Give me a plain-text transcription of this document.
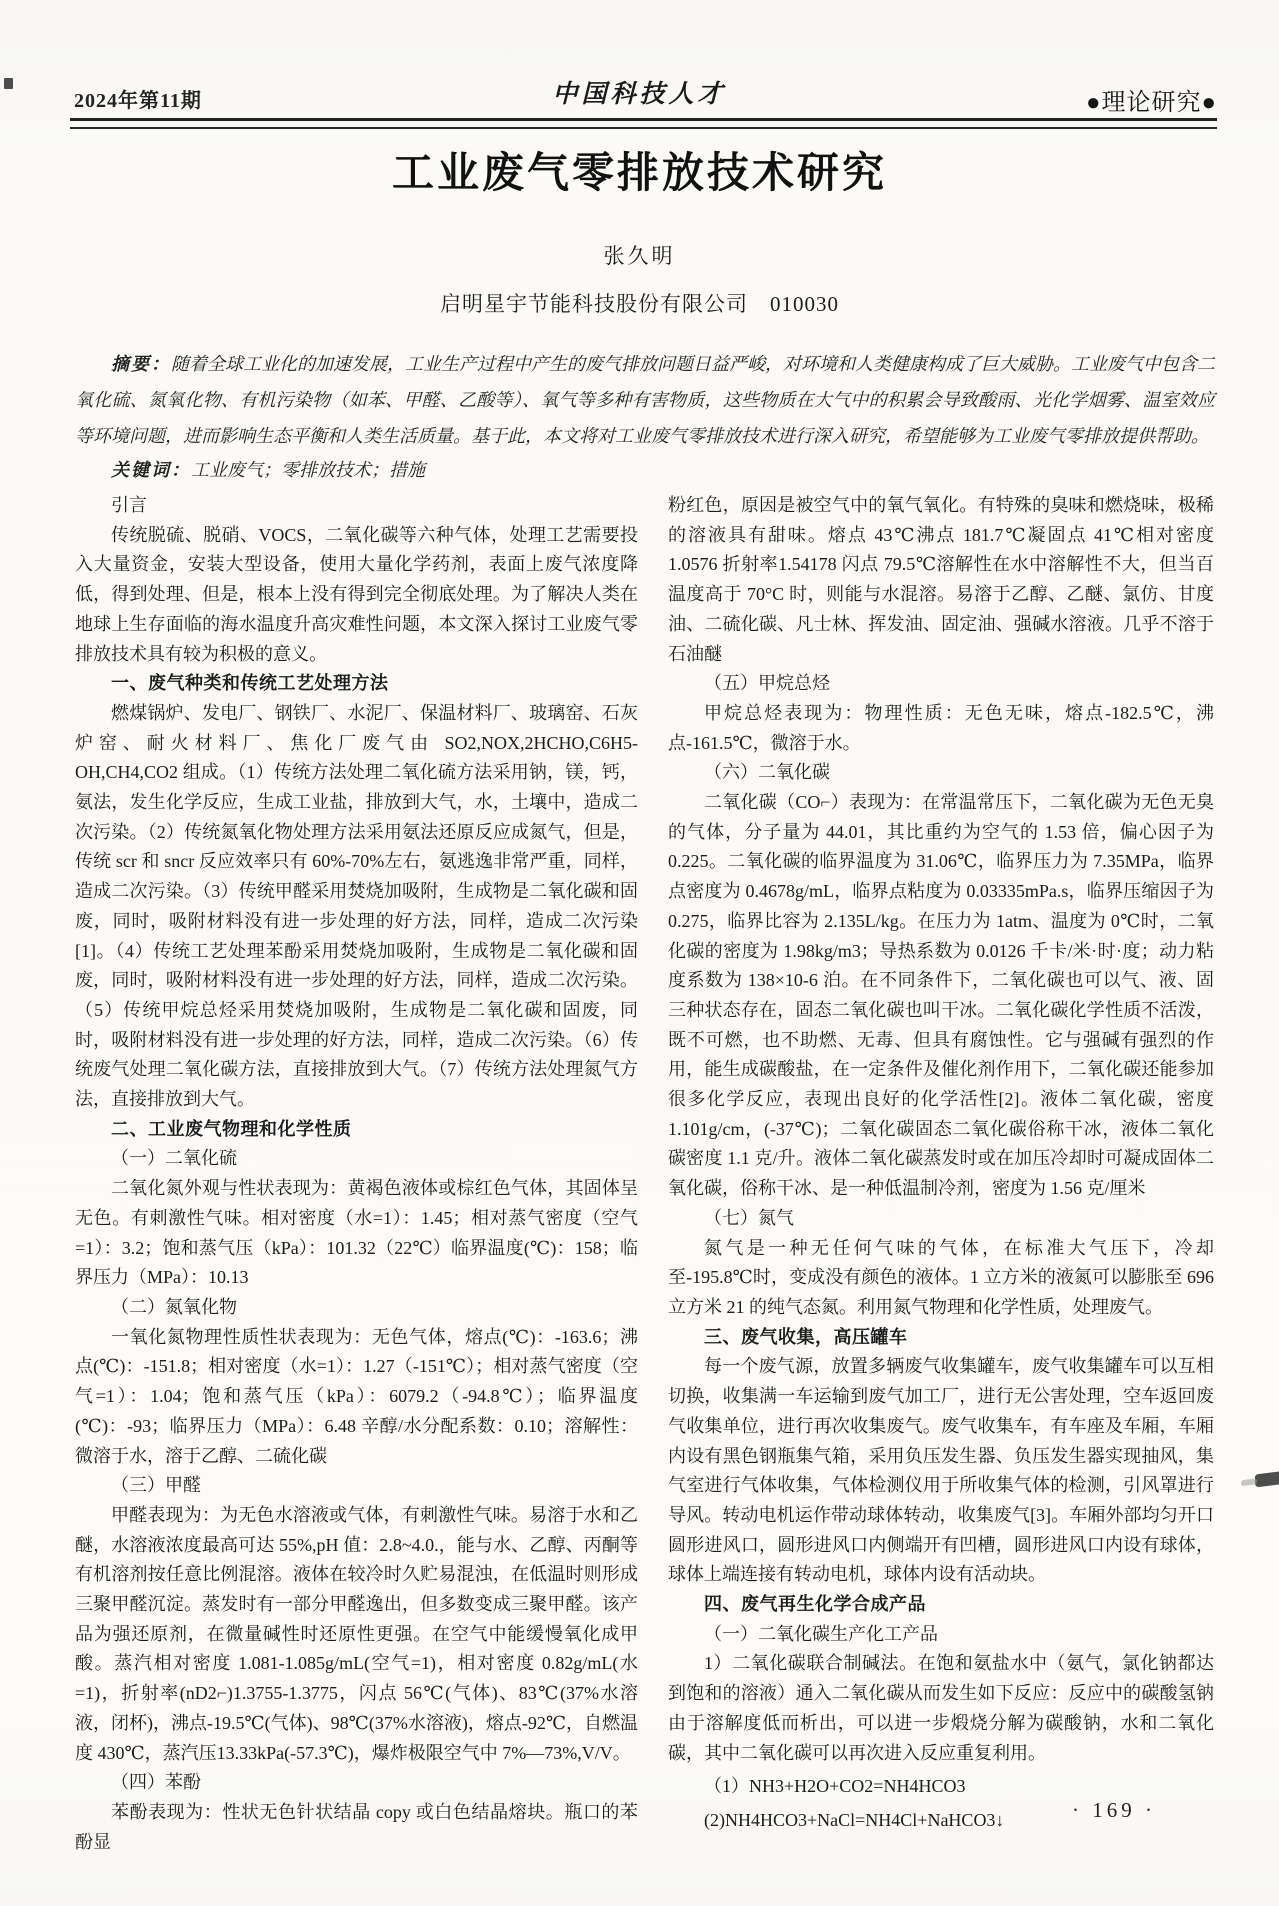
2024年第11期	中国科技人才	●理论研究●
工业废气零排放技术研究
张久明
启明星宇节能科技股份有限公司　010030

摘要：随着全球工业化的加速发展，工业生产过程中产生的废气排放问题日益严峻，对环境和人类健康构成了巨大威胁。工业废气中包含二氧化硫、氮氧化物、有机污染物（如苯、甲醛、乙酸等）、氧气等多种有害物质，这些物质在大气中的积累会导致酸雨、光化学烟雾、温室效应等环境问题，进而影响生态平衡和人类生活质量。基于此，本文将对工业废气零排放技术进行深入研究，希望能够为工业废气零排放提供帮助。

关键词：工业废气；零排放技术；措施

引言
传统脱硫、脱硝、VOCS，二氧化碳等六种气体，处理工艺需要投入大量资金，安装大型设备，使用大量化学药剂，表面上废气浓度降低，得到处理、但是，根本上没有得到完全彻底处理。为了解决人类在地球上生存面临的海水温度升高灾难性问题，本文深入探讨工业废气零排放技术具有较为积极的意义。
一、废气种类和传统工艺处理方法
燃煤锅炉、发电厂、钢铁厂、水泥厂、保温材料厂、玻璃窑、石灰炉窑、耐火材料厂、焦化厂废气由 SO2,NOX,2HCHO,C6H5-OH,CH4,CO2 组成。（1）传统方法处理二氧化硫方法采用钠，镁，钙，氨法，发生化学反应，生成工业盐，排放到大气，水，土壤中，造成二次污染。（2）传统氮氧化物处理方法采用氨法还原反应成氮气，但是，传统 scr 和 sncr 反应效率只有 60%-70%左右，氨逃逸非常严重，同样，造成二次污染。（3）传统甲醛采用焚烧加吸附，生成物是二氧化碳和固废，同时，吸附材料没有进一步处理的好方法，同样，造成二次污染[1]。（4）传统工艺处理苯酚采用焚烧加吸附，生成物是二氧化碳和固废，同时，吸附材料没有进一步处理的好方法，同样，造成二次污染。（5）传统甲烷总烃采用焚烧加吸附，生成物是二氧化碳和固废，同时，吸附材料没有进一步处理的好方法，同样，造成二次污染。（6）传统废气处理二氧化碳方法，直接排放到大气。（7）传统方法处理氮气方法，直接排放到大气。
二、工业废气物理和化学性质
（一）二氧化硫
二氧化氮外观与性状表现为：黄褐色液体或棕红色气体，其固体呈无色。有刺激性气味。相对密度（水=1）：1.45；相对蒸气密度（空气=1）：3.2；饱和蒸气压（kPa）：101.32（22℃）临界温度(℃)：158；临界压力（MPa）：10.13
（二）氮氧化物
一氧化氮物理性质性状表现为：无色气体，熔点(℃)：-163.6；沸点(℃)：-151.8；相对密度（水=1）：1.27（-151℃）；相对蒸气密度（空气=1）：1.04；饱和蒸气压（kPa）：6079.2（-94.8℃）；临界温度(℃)：-93；临界压力（MPa）：6.48 辛醇/水分配系数：0.10；溶解性：微溶于水，溶于乙醇、二硫化碳
（三）甲醛
甲醛表现为：为无色水溶液或气体，有刺激性气味。易溶于水和乙醚，水溶液浓度最高可达 55%,pH 值：2.8~4.0.，能与水、乙醇、丙酮等有机溶剂按任意比例混溶。液体在较冷时久贮易混浊，在低温时则形成三聚甲醛沉淀。蒸发时有一部分甲醛逸出，但多数变成三聚甲醛。该产品为强还原剂，在微量碱性时还原性更强。在空气中能缓慢氧化成甲酸。蒸汽相对密度 1.081-1.085g/mL(空气=1)，相对密度 0.82g/mL(水=1)，折射率(nD2⌐)1.3755-1.3775，闪点 56℃(气体)、83℃(37%水溶液，闭杯)，沸点-19.5℃(气体)、98℃(37%水溶液)，熔点-92℃，自燃温度 430℃，蒸汽压13.33kPa(-57.3℃)，爆炸极限空气中 7%—73%,V/V。
（四）苯酚
苯酚表现为：性状无色针状结晶 copy 或白色结晶熔块。瓶口的苯酚显
粉红色，原因是被空气中的氧气氧化。有特殊的臭味和燃烧味，极稀的溶液具有甜味。熔点 43℃沸点 181.7℃凝固点 41℃相对密度 1.0576 折射率1.54178 闪点 79.5℃溶解性在水中溶解性不大，但当百温度高于 70°C 时，则能与水混溶。易溶于乙醇、乙醚、氯仿、甘度油、二硫化碳、凡士林、挥发油、固定油、强碱水溶液。几乎不溶于石油醚
（五）甲烷总烃
甲烷总烃表现为：物理性质：无色无味，熔点-182.5℃，沸点-161.5℃，微溶于水。
（六）二氧化碳
二氧化碳（CO⌐）表现为：在常温常压下，二氧化碳为无色无臭的气体，分子量为 44.01，其比重约为空气的 1.53 倍，偏心因子为 0.225。二氧化碳的临界温度为 31.06℃，临界压力为 7.35MPa，临界点密度为 0.4678g/mL，临界点粘度为 0.03335mPa.s，临界压缩因子为 0.275，临界比容为 2.135L/kg。在压力为 1atm、温度为 0℃时，二氧化碳的密度为 1.98kg/m3；导热系数为 0.0126 千卡/米·时·度；动力粘度系数为 138×10-6 泊。在不同条件下，二氧化碳也可以气、液、固三种状态存在，固态二氧化碳也叫干冰。二氧化碳化学性质不活泼，既不可燃，也不助燃、无毒、但具有腐蚀性。它与强碱有强烈的作用，能生成碳酸盐，在一定条件及催化剂作用下，二氧化碳还能参加很多化学反应，表现出良好的化学活性[2]。液体二氧化碳，密度 1.101g/cm，(-37℃)；二氧化碳固态二氧化碳俗称干冰，液体二氧化碳密度 1.1 克/升。液体二氧化碳蒸发时或在加压冷却时可凝成固体二氧化碳，俗称干冰、是一种低温制冷剂，密度为 1.56 克/厘米
（七）氮气
氮气是一种无任何气味的气体，在标准大气压下，冷却至-195.8℃时，变成没有颜色的液体。1 立方米的液氮可以膨胀至 696 立方米 21 的纯气态氮。利用氮气物理和化学性质，处理废气。
三、废气收集，高压罐车
每一个废气源，放置多辆废气收集罐车，废气收集罐车可以互相切换，收集满一车运输到废气加工厂，进行无公害处理，空车返回废气收集单位，进行再次收集废气。废气收集车，有车座及车厢，车厢内设有黑色钢瓶集气箱，采用负压发生器、负压发生器实现抽风，集气室进行气体收集，气体检测仪用于所收集气体的检测，引风罩进行导风。转动电机运作带动球体转动，收集废气[3]。车厢外部均匀开口圆形进风口，圆形进风口内侧端开有凹槽，圆形进风口内设有球体，球体上端连接有转动电机，球体内设有活动块。
四、废气再生化学合成产品
（一）二氧化碳生产化工产品
1）二氧化碳联合制碱法。在饱和氨盐水中（氨气，氯化钠都达到饱和的溶液）通入二氧化碳从而发生如下反应：反应中的碳酸氢钠由于溶解度低而析出，可以进一步煅烧分解为碳酸钠，水和二氧化碳，其中二氧化碳可以再次进入反应重复利用。
（1）NH3+H2O+CO2=NH4HCO3
(2)NH4HCO3+NaCl=NH4Cl+NaHCO3↓	· 169 ·
